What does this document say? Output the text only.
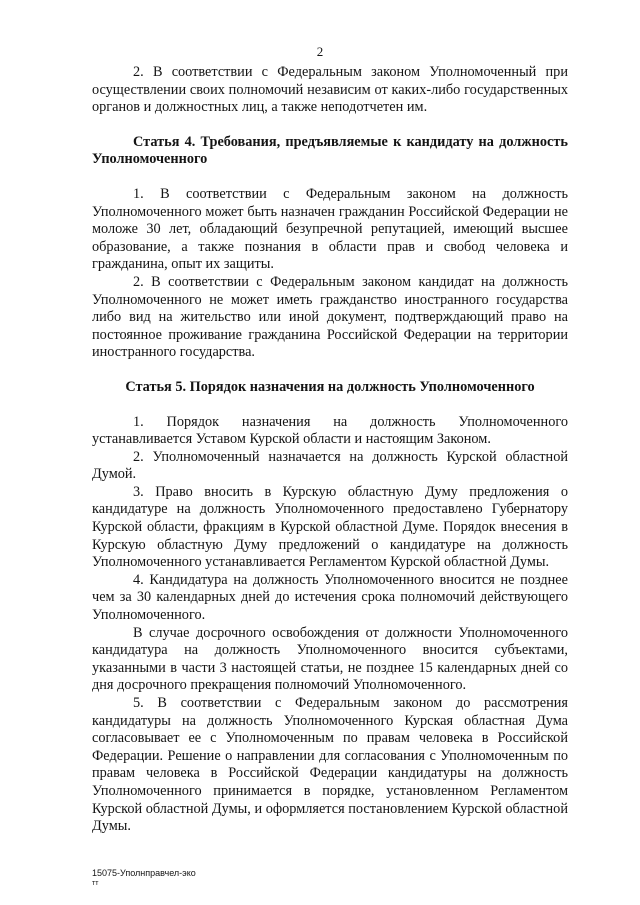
2

2. В соответствии с Федеральным законом Уполномоченный при осуществлении своих полномочий независим от каких-либо государственных органов и должностных лиц, а также неподотчетен им.

Статья 4. Требования, предъявляемые к кандидату на должность Уполномоченного

1. В соответствии с Федеральным законом на должность Уполномоченного может быть назначен гражданин Российской Федерации не моложе 30 лет, обладающий безупречной репутацией, имеющий высшее образование, а также познания в области прав и свобод человека и гражданина, опыт их защиты.

2. В соответствии с Федеральным законом кандидат на должность Уполномоченного не может иметь гражданство иностранного государства либо вид на жительство или иной документ, подтверждающий право на постоянное проживание гражданина Российской Федерации на территории иностранного государства.

Статья 5. Порядок назначения на должность Уполномоченного

1. Порядок назначения на должность Уполномоченного устанавливается Уставом Курской области и настоящим Законом.

2. Уполномоченный назначается на должность Курской областной Думой.

3. Право вносить в Курскую областную Думу предложения о кандидатуре на должность Уполномоченного предоставлено Губернатору Курской области, фракциям в Курской областной Думе. Порядок внесения в Курскую областную Думу предложений о кандидатуре на должность Уполномоченного устанавливается Регламентом Курской областной Думы.

4. Кандидатура на должность Уполномоченного вносится не позднее чем за 30 календарных дней до истечения срока полномочий действующего Уполномоченного.

В случае досрочного освобождения от должности Уполномоченного кандидатура на должность Уполномоченного вносится субъектами, указанными в части 3 настоящей статьи, не позднее 15 календарных дней со дня досрочного прекращения полномочий Уполномоченного.

5. В соответствии с Федеральным законом до рассмотрения кандидатуры на должность Уполномоченного Курская областная Дума согласовывает ее с Уполномоченным по правам человека в Российской Федерации. Решение о направлении для согласования с Уполномоченным по правам человека в Российской Федерации кандидатуры на должность Уполномоченного принимается в порядке, установленном Регламентом Курской областной Думы, и оформляется постановлением Курской областной Думы.

15075-Уполнправчел-эко
тт
